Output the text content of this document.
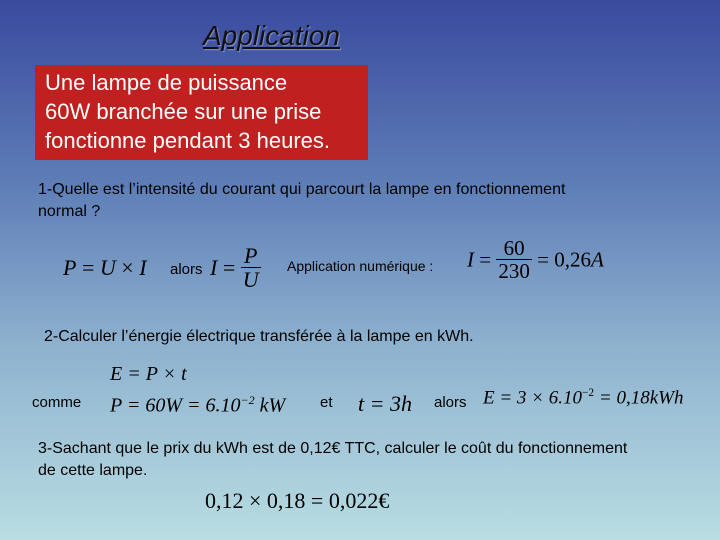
Application
Une lampe de puissance
60W branchée sur une prise
fonctionne pendant 3 heures.
1-Quelle est l’intensité du courant qui parcourt la lampe en fonctionnement
normal ?
P = U × I alors $I = \frac{P}{U}$ Application numérique : $I = \frac{60}{230} = 0,26A$
2-Calculer l’énergie électrique transférée à la lampe en kWh.
comme
E = P × t
$P = 60W = 6.10^{-2}$ kW et t = 3h alors $E = 3 \times 6.10^{-2} = 0,18kWh$
3-Sachant que le prix du kWh est de 0,12€ TTC, calculer le coût du fonctionnement
de cette lampe.
0,12 × 0,18 = 0,022€
